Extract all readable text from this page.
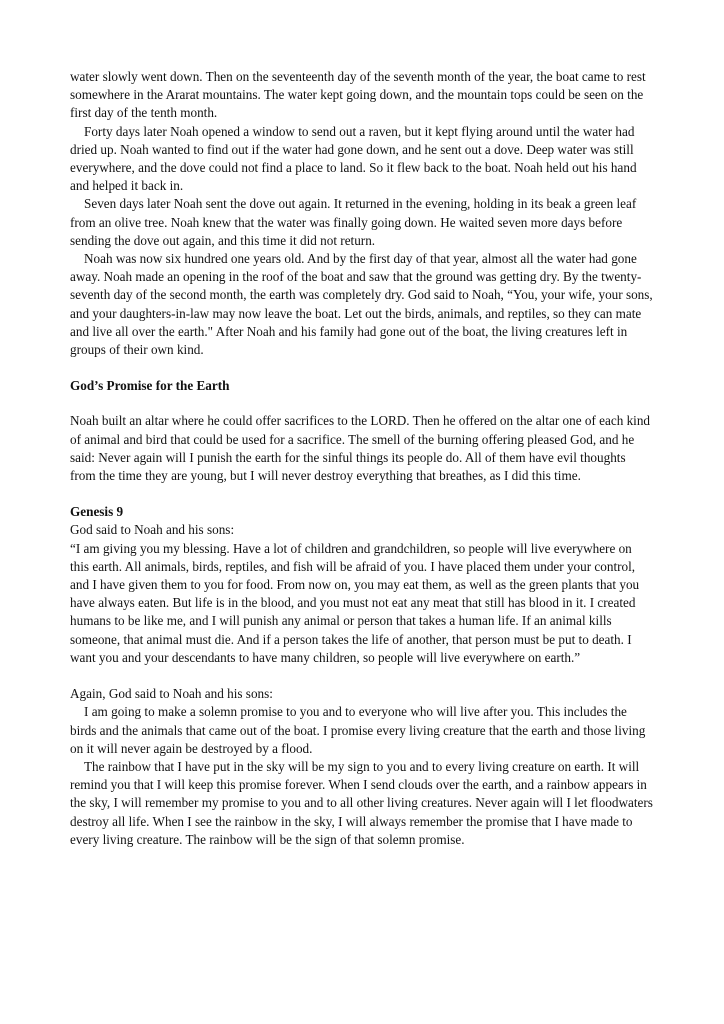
water slowly went down. Then on the seventeenth day of the seventh month of the year, the boat came to rest somewhere in the Ararat mountains. The water kept going down, and the mountain tops could be seen on the first day of the tenth month.

Forty days later Noah opened a window to send out a raven, but it kept flying around until the water had dried up. Noah wanted to find out if the water had gone down, and he sent out a dove. Deep water was still everywhere, and the dove could not find a place to land. So it flew back to the boat. Noah held out his hand and helped it back in.

Seven days later Noah sent the dove out again. It returned in the evening, holding in its beak a green leaf from an olive tree. Noah knew that the water was finally going down. He waited seven more days before sending the dove out again, and this time it did not return.

Noah was now six hundred one years old. And by the first day of that year, almost all the water had gone away. Noah made an opening in the roof of the boat and saw that the ground was getting dry. By the twenty-seventh day of the second month, the earth was completely dry. God said to Noah, “You, your wife, your sons, and your daughters-in-law may now leave the boat. Let out the birds, animals, and reptiles, so they can mate and live all over the earth." After Noah and his family had gone out of the boat, the living creatures left in groups of their own kind.

God’s Promise for the Earth

Noah built an altar where he could offer sacrifices to the LORD. Then he offered on the altar one of each kind of animal and bird that could be used for a sacrifice. The smell of the burning offering pleased God, and he said: Never again will I punish the earth for the sinful things its people do. All of them have evil thoughts from the time they are young, but I will never destroy everything that breathes, as I did this time.

Genesis 9

God said to Noah and his sons:

“I am giving you my blessing. Have a lot of children and grandchildren, so people will live everywhere on this earth. All animals, birds, reptiles, and fish will be afraid of you. I have placed them under your control, and I have given them to you for food. From now on, you may eat them, as well as the green plants that you have always eaten. But life is in the blood, and you must not eat any meat that still has blood in it. I created humans to be like me, and I will punish any animal or person that takes a human life. If an animal kills someone, that animal must die. And if a person takes the life of another, that person must be put to death. I want you and your descendants to have many children, so people will live everywhere on earth.”

Again, God said to Noah and his sons:

I am going to make a solemn promise to you and to everyone who will live after you. This includes the birds and the animals that came out of the boat. I promise every living creature that the earth and those living on it will never again be destroyed by a flood.

The rainbow that I have put in the sky will be my sign to you and to every living creature on earth. It will remind you that I will keep this promise forever. When I send clouds over the earth, and a rainbow appears in the sky, I will remember my promise to you and to all other living creatures. Never again will I let floodwaters destroy all life. When I see the rainbow in the sky, I will always remember the promise that I have made to every living creature. The rainbow will be the sign of that solemn promise.
